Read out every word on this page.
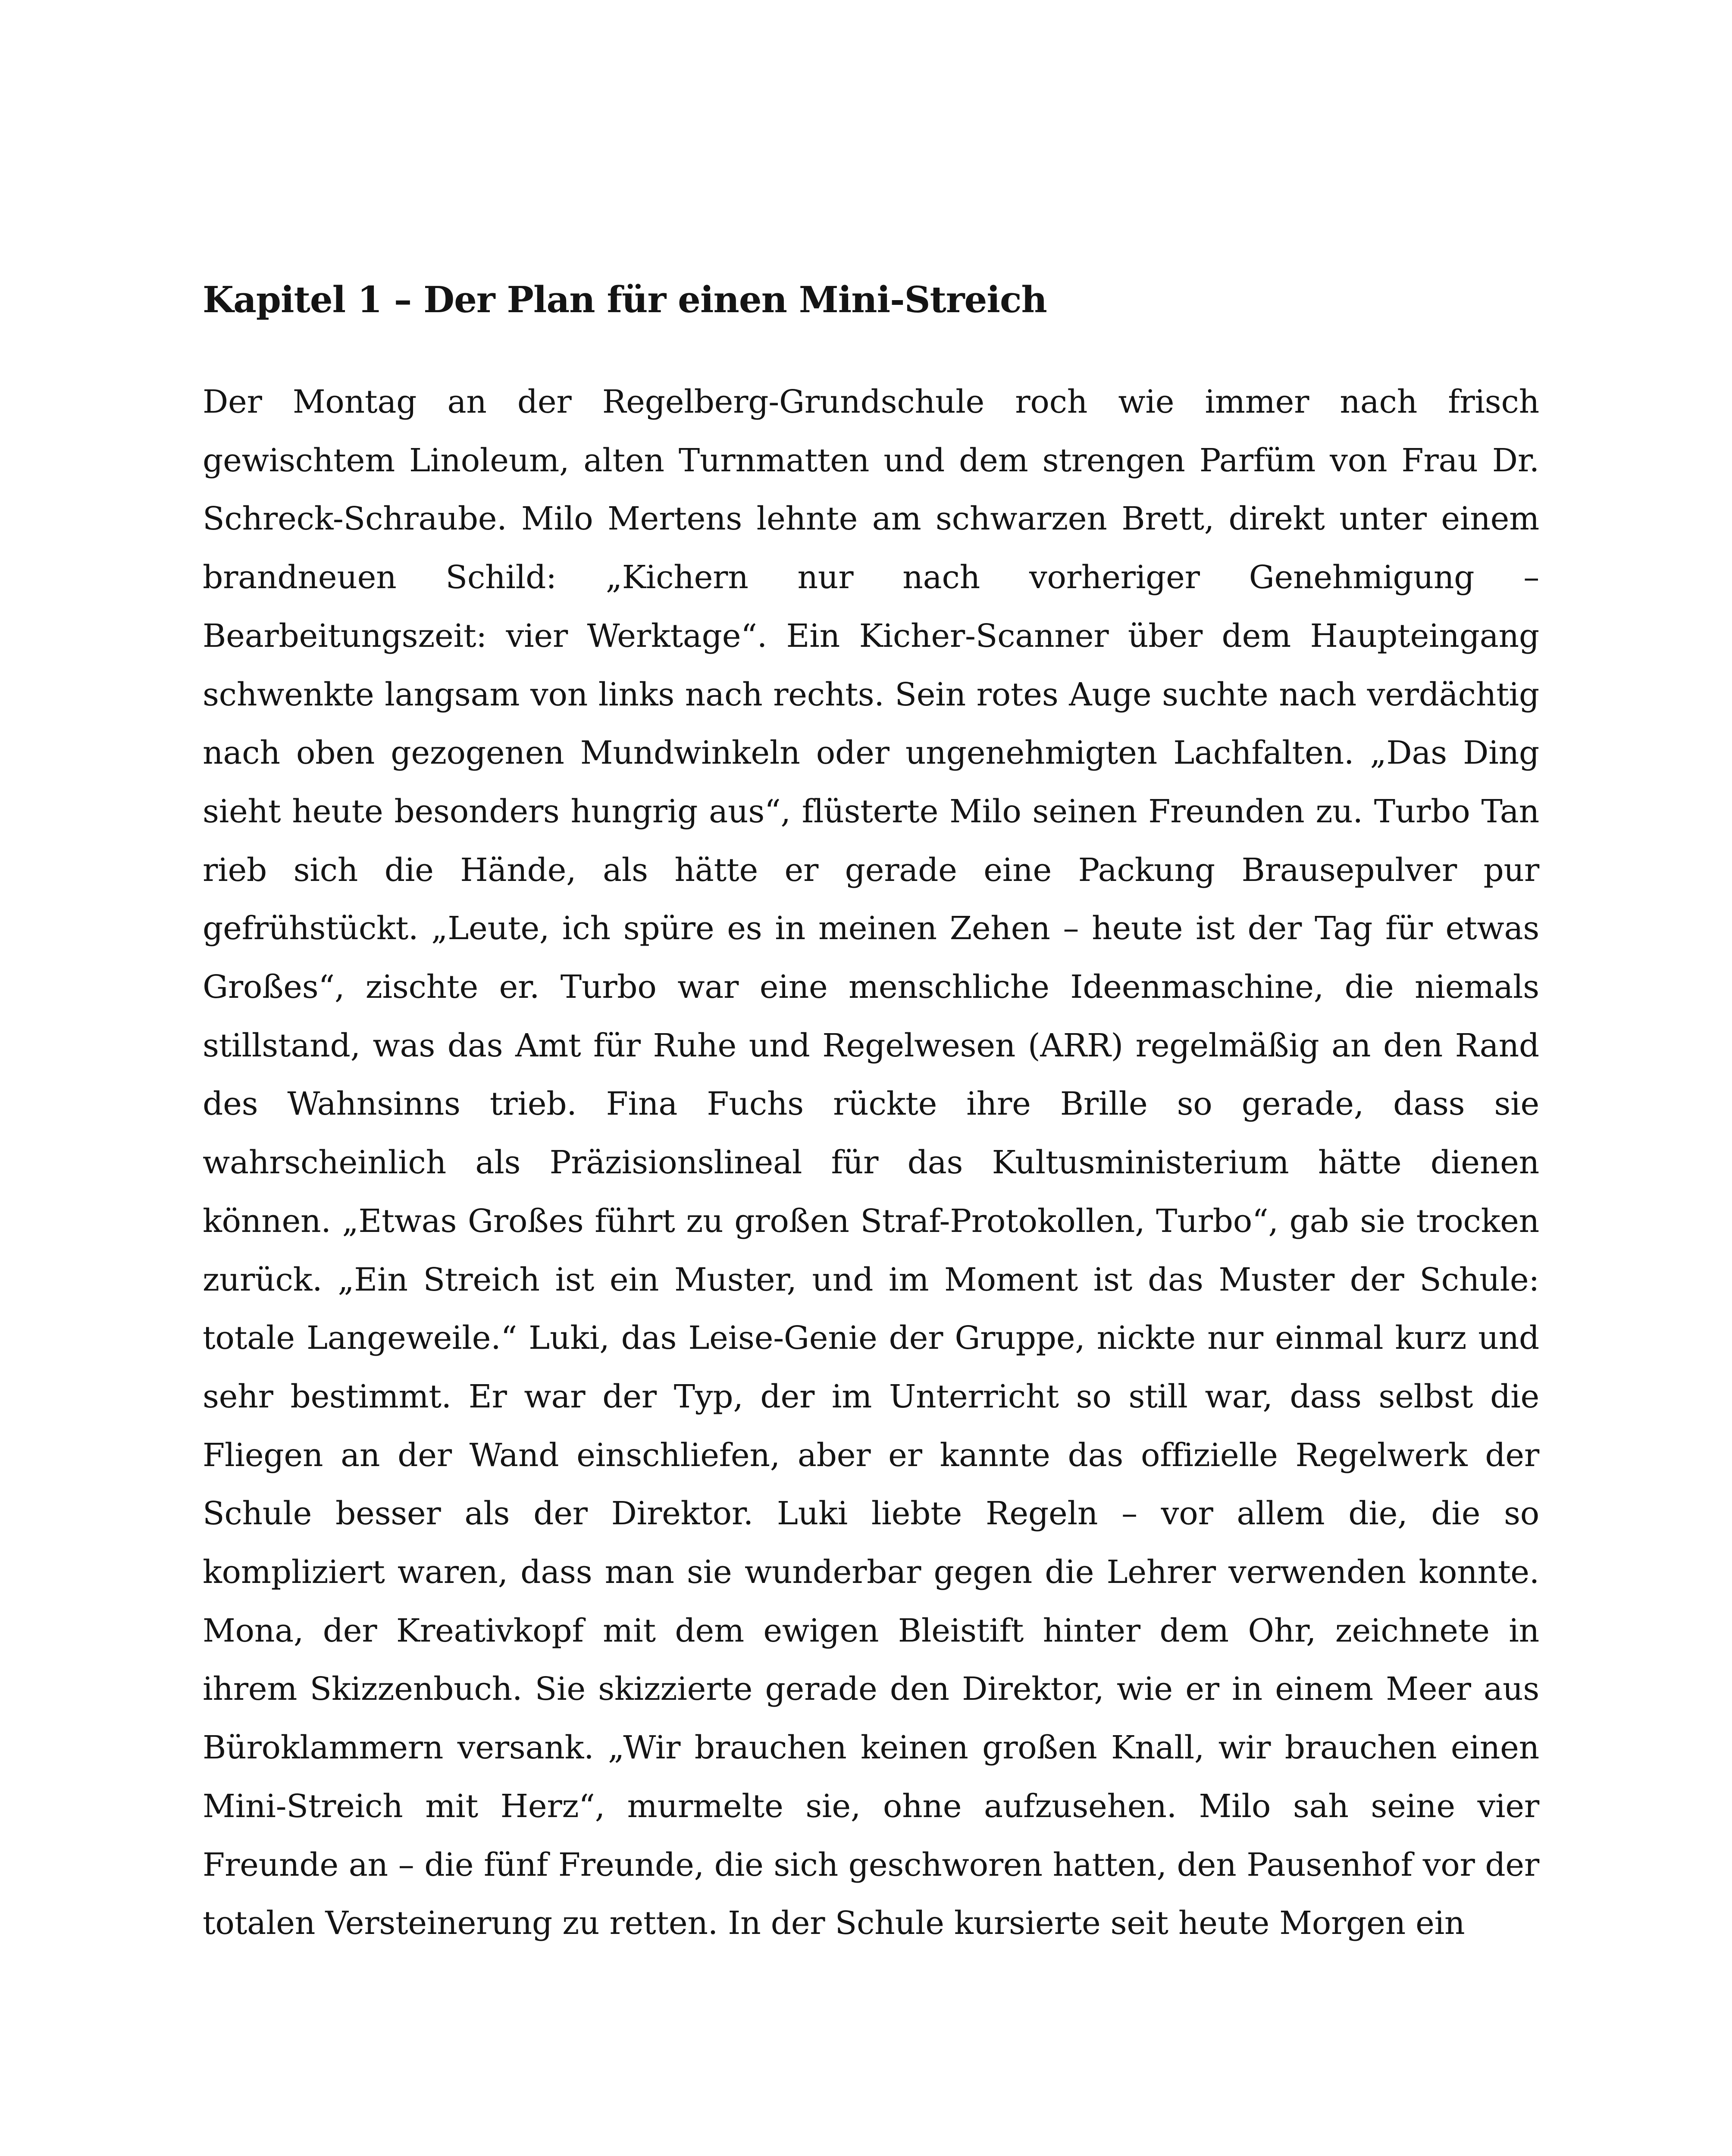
Kapitel 1 – Der Plan für einen Mini-Streich

Der Montag an der Regelberg-Grundschule roch wie immer nach frisch gewischtem Linoleum, alten Turnmatten und dem strengen Parfüm von Frau Dr. Schreck-Schraube. Milo Mertens lehnte am schwarzen Brett, direkt unter einem brandneuen Schild: „Kichern nur nach vorheriger Genehmigung – Bearbeitungszeit: vier Werktage“. Ein Kicher-Scanner über dem Haupteingang schwenkte langsam von links nach rechts. Sein rotes Auge suchte nach verdächtig nach oben gezogenen Mundwinkeln oder ungenehmigten Lachfalten. „Das Ding sieht heute besonders hungrig aus“, flüsterte Milo seinen Freunden zu. Turbo Tan rieb sich die Hände, als hätte er gerade eine Packung Brausepulver pur gefrühstückt. „Leute, ich spüre es in meinen Zehen – heute ist der Tag für etwas Großes“, zischte er. Turbo war eine menschliche Ideenmaschine, die niemals stillstand, was das Amt für Ruhe und Regelwesen (ARR) regelmäßig an den Rand des Wahnsinns trieb. Fina Fuchs rückte ihre Brille so gerade, dass sie wahrscheinlich als Präzisionslineal für das Kultusministerium hätte dienen können. „Etwas Großes führt zu großen Straf-Protokollen, Turbo“, gab sie trocken zurück. „Ein Streich ist ein Muster, und im Moment ist das Muster der Schule: totale Langeweile.“ Luki, das Leise-Genie der Gruppe, nickte nur einmal kurz und sehr bestimmt. Er war der Typ, der im Unterricht so still war, dass selbst die Fliegen an der Wand einschliefen, aber er kannte das offizielle Regelwerk der Schule besser als der Direktor. Luki liebte Regeln – vor allem die, die so kompliziert waren, dass man sie wunderbar gegen die Lehrer verwenden konnte. Mona, der Kreativkopf mit dem ewigen Bleistift hinter dem Ohr, zeichnete in ihrem Skizzenbuch. Sie skizzierte gerade den Direktor, wie er in einem Meer aus Büroklammern versank. „Wir brauchen keinen großen Knall, wir brauchen einen Mini-Streich mit Herz“, murmelte sie, ohne aufzusehen. Milo sah seine vier Freunde an – die fünf Freunde, die sich geschworen hatten, den Pausenhof vor der totalen Versteinerung zu retten. In der Schule kursierte seit heute Morgen ein
